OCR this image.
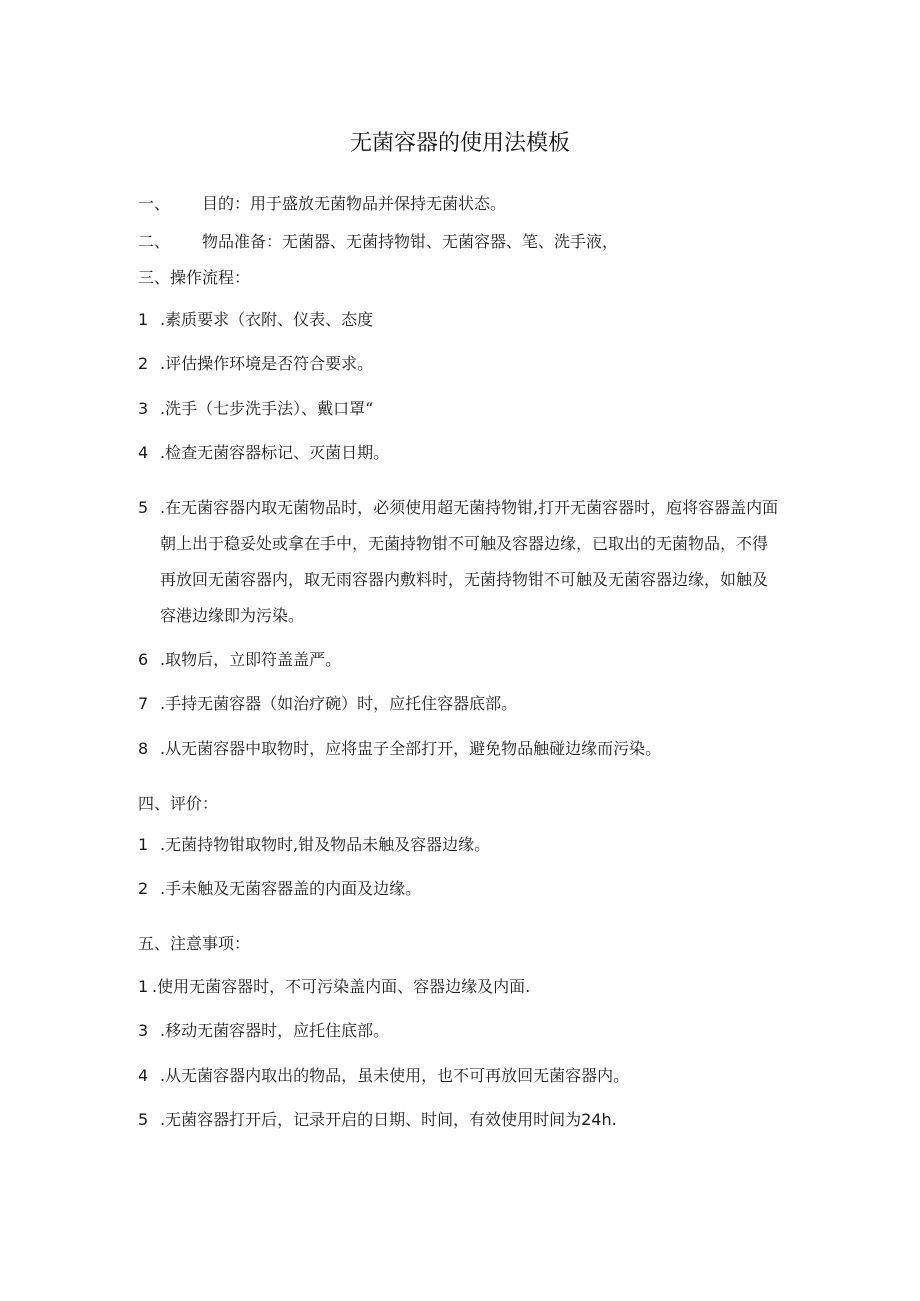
无菌容器的使用法模板
一、 目的：用于盛放无菌物品并保持无菌状态。
二、 物品准备：无菌器、无菌持物钳、无菌容器、笔、洗手液，
三、操作流程：
1 .素质要求（衣附、仪表、态度
2 .评估操作环境是否符合要求。
3 .洗手（七步洗手法）、戴口罩“
4 .检查无菌容器标记、灭菌日期。
5 .在无菌容器内取无菌物品时，必须使用超无菌持物钳,打开无菌容器时，庖将容器盖内面朝上出于稳妥处或拿在手中，无菌持物钳不可触及容器边缘，已取出的无菌物品，不得再放回无菌容器内，取无雨容器内敷料时，无菌持物钳不可触及无菌容器边缘，如触及容港边缘即为污染。
6 .取物后，立即符盖盖严。
7 .手持无菌容器（如治疗碗）时，应托住容器底部。
8 .从无菌容器中取物时，应将盅子全部打开，避免物品触碰边缘而污染。
四、评价：
1 .无菌持物钳取物时,钳及物品未触及容器边缘。
2 .手未触及无菌容器盖的内面及边缘。
五、注意事项：
1 .使用无菌容器时，不可污染盖内面、容器边缘及内面.
3 .移动无菌容器时，应托住底部。
4 .从无菌容器内取出的物品，虽未使用，也不可再放回无菌容器内。
5 .无菌容器打开后，记录开启的日期、时间，有效使用时间为24h.
